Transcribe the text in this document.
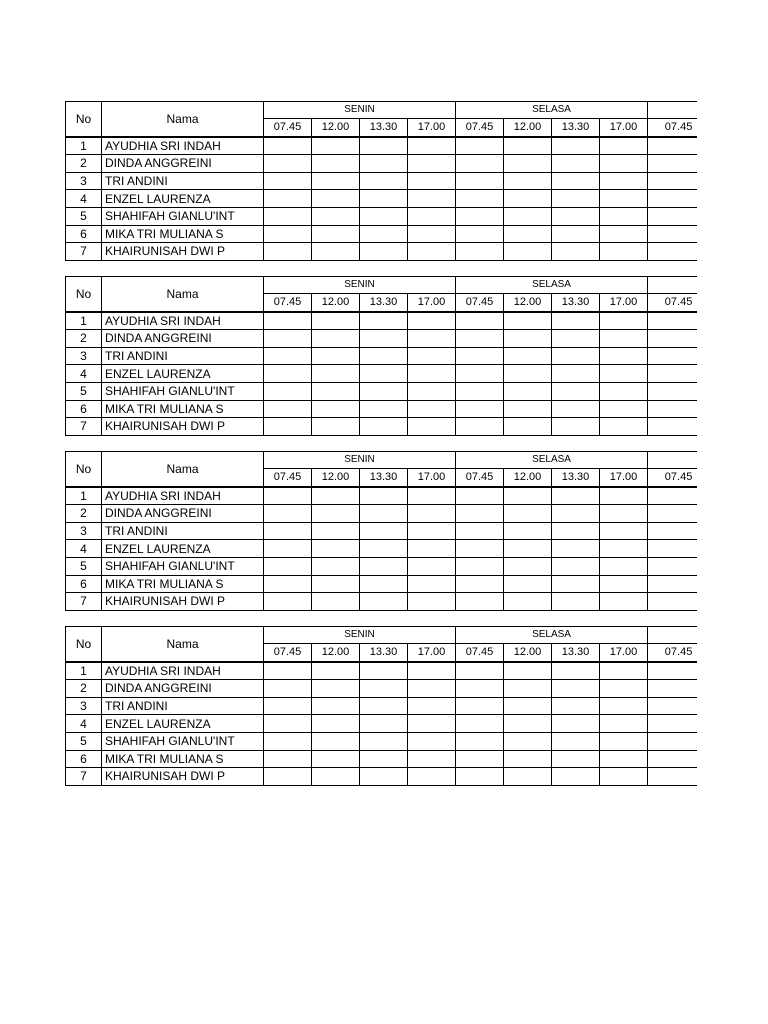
No	Nama	SENIN				SELASA				
		07.45	12.00	13.30	17.00	07.45	12.00	13.30	17.00	07.45
1	AYUDHIA SRI INDAH									
2	DINDA ANGGREINI									
3	TRI ANDINI									
4	ENZEL LAURENZA									
5	SHAHIFAH GIANLU'INT									
6	MIKA TRI MULIANA S									
7	KHAIRUNISAH DWI P									
No	Nama	SENIN				SELASA				
		07.45	12.00	13.30	17.00	07.45	12.00	13.30	17.00	07.45
1	AYUDHIA SRI INDAH									
2	DINDA ANGGREINI									
3	TRI ANDINI									
4	ENZEL LAURENZA									
5	SHAHIFAH GIANLU'INT									
6	MIKA TRI MULIANA S									
7	KHAIRUNISAH DWI P									
No	Nama	SENIN				SELASA				
		07.45	12.00	13.30	17.00	07.45	12.00	13.30	17.00	07.45
1	AYUDHIA SRI INDAH									
2	DINDA ANGGREINI									
3	TRI ANDINI									
4	ENZEL LAURENZA									
5	SHAHIFAH GIANLU'INT									
6	MIKA TRI MULIANA S									
7	KHAIRUNISAH DWI P									
No	Nama	SENIN				SELASA				
		07.45	12.00	13.30	17.00	07.45	12.00	13.30	17.00	07.45
1	AYUDHIA SRI INDAH									
2	DINDA ANGGREINI									
3	TRI ANDINI									
4	ENZEL LAURENZA									
5	SHAHIFAH GIANLU'INT									
6	MIKA TRI MULIANA S									
7	KHAIRUNISAH DWI P									
